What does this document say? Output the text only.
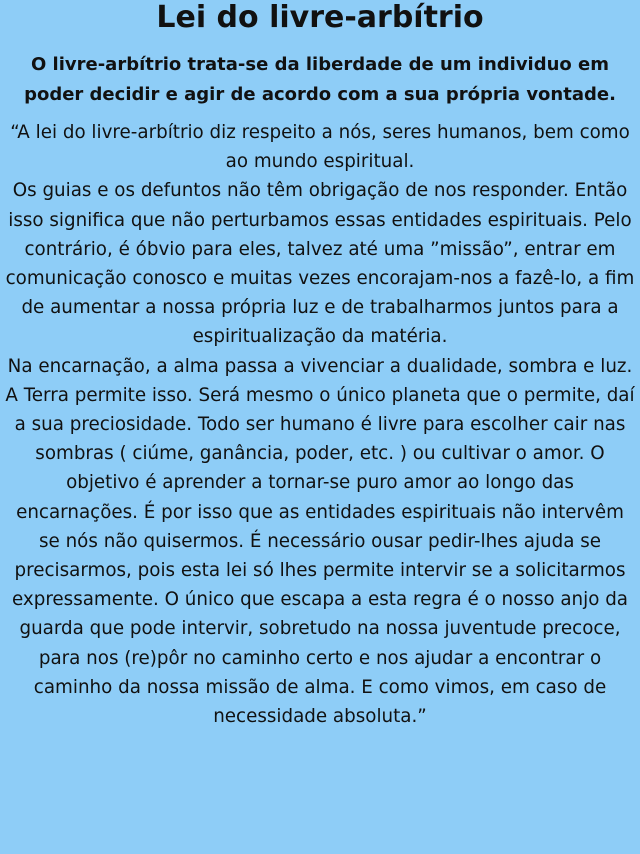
Lei do livre-arbítrio

O livre-arbítrio trata-se da liberdade de um individuo em poder decidir e agir de acordo com a sua própria vontade.

“A lei do livre-arbítrio diz respeito a nós, seres humanos, bem como ao mundo espiritual.

Os guias e os defuntos não têm obrigação de nos responder. Então isso significa que não perturbamos essas entidades espirituais. Pelo contrário, é óbvio para eles, talvez até uma ”missão”, entrar em comunicação conosco e muitas vezes encorajam-nos a fazê-lo, a fim de aumentar a nossa própria luz e de trabalharmos juntos para a espiritualização da matéria.

Na encarnação, a alma passa a vivenciar a dualidade, sombra e luz. A Terra permite isso. Será mesmo o único planeta que o permite, daí a sua preciosidade. Todo ser humano é livre para escolher cair nas sombras ( ciúme, ganância, poder, etc. ) ou cultivar o amor. O objetivo é aprender a tornar-se puro amor ao longo das encarnações. É por isso que as entidades espirituais não intervêm se nós não quisermos. É necessário ousar pedir-lhes ajuda se precisarmos, pois esta lei só lhes permite intervir se a solicitarmos expressamente. O único que escapa a esta regra é o nosso anjo da guarda que pode intervir, sobretudo na nossa juventude precoce, para nos (re)pôr no caminho certo e nos ajudar a encontrar o caminho da nossa missão de alma. E como vimos, em caso de necessidade absoluta.”
